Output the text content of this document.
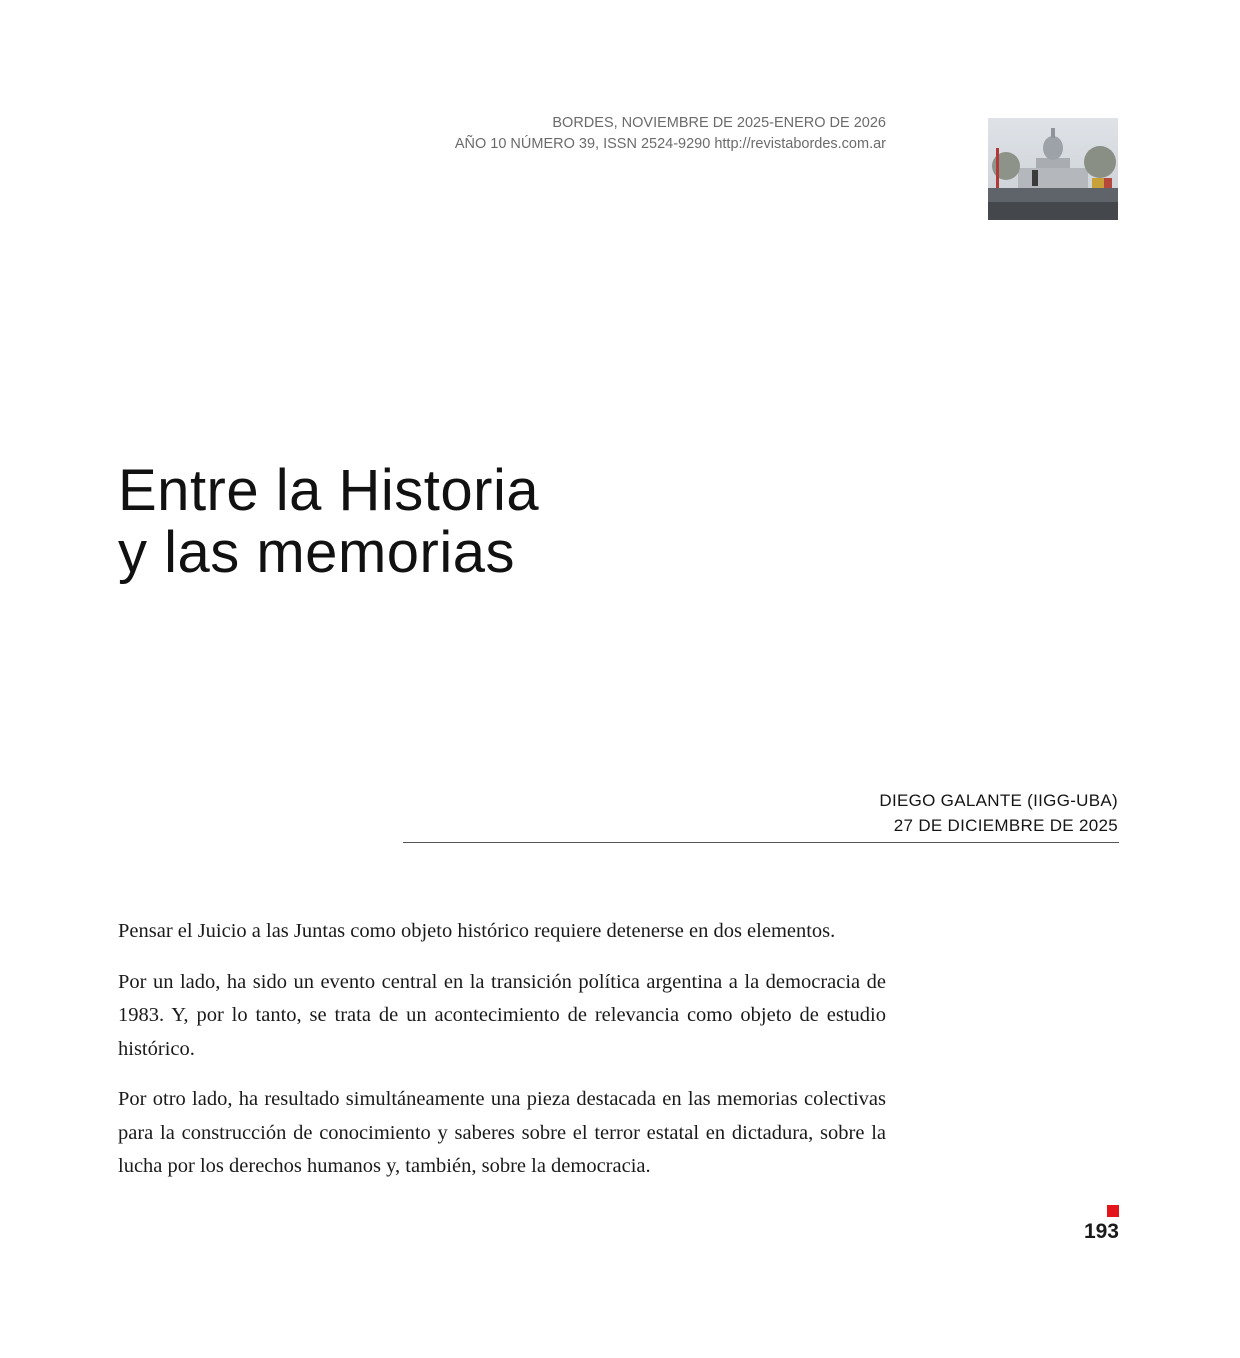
BORDES, NOVIEMBRE DE 2025-ENERO DE 2026
AÑO 10 NÚMERO 39, ISSN 2524-9290 http://revistabordes.com.ar
Entre la Historia
y las memorias
DIEGO GALANTE (IIGG-UBA)
27 DE DICIEMBRE DE 2025

Pensar el Juicio a las Juntas como objeto histórico requiere detenerse en dos elementos.

Por un lado, ha sido un evento central en la transición política argentina a la democracia de 1983. Y, por lo tanto, se trata de un acontecimiento de relevancia como objeto de estudio histórico.

Por otro lado, ha resultado simultáneamente una pieza destacada en las memorias colectivas para la construcción de conocimiento y saberes sobre el terror estatal en dictadura, sobre la lucha por los derechos humanos y, también, sobre la democracia.

193
